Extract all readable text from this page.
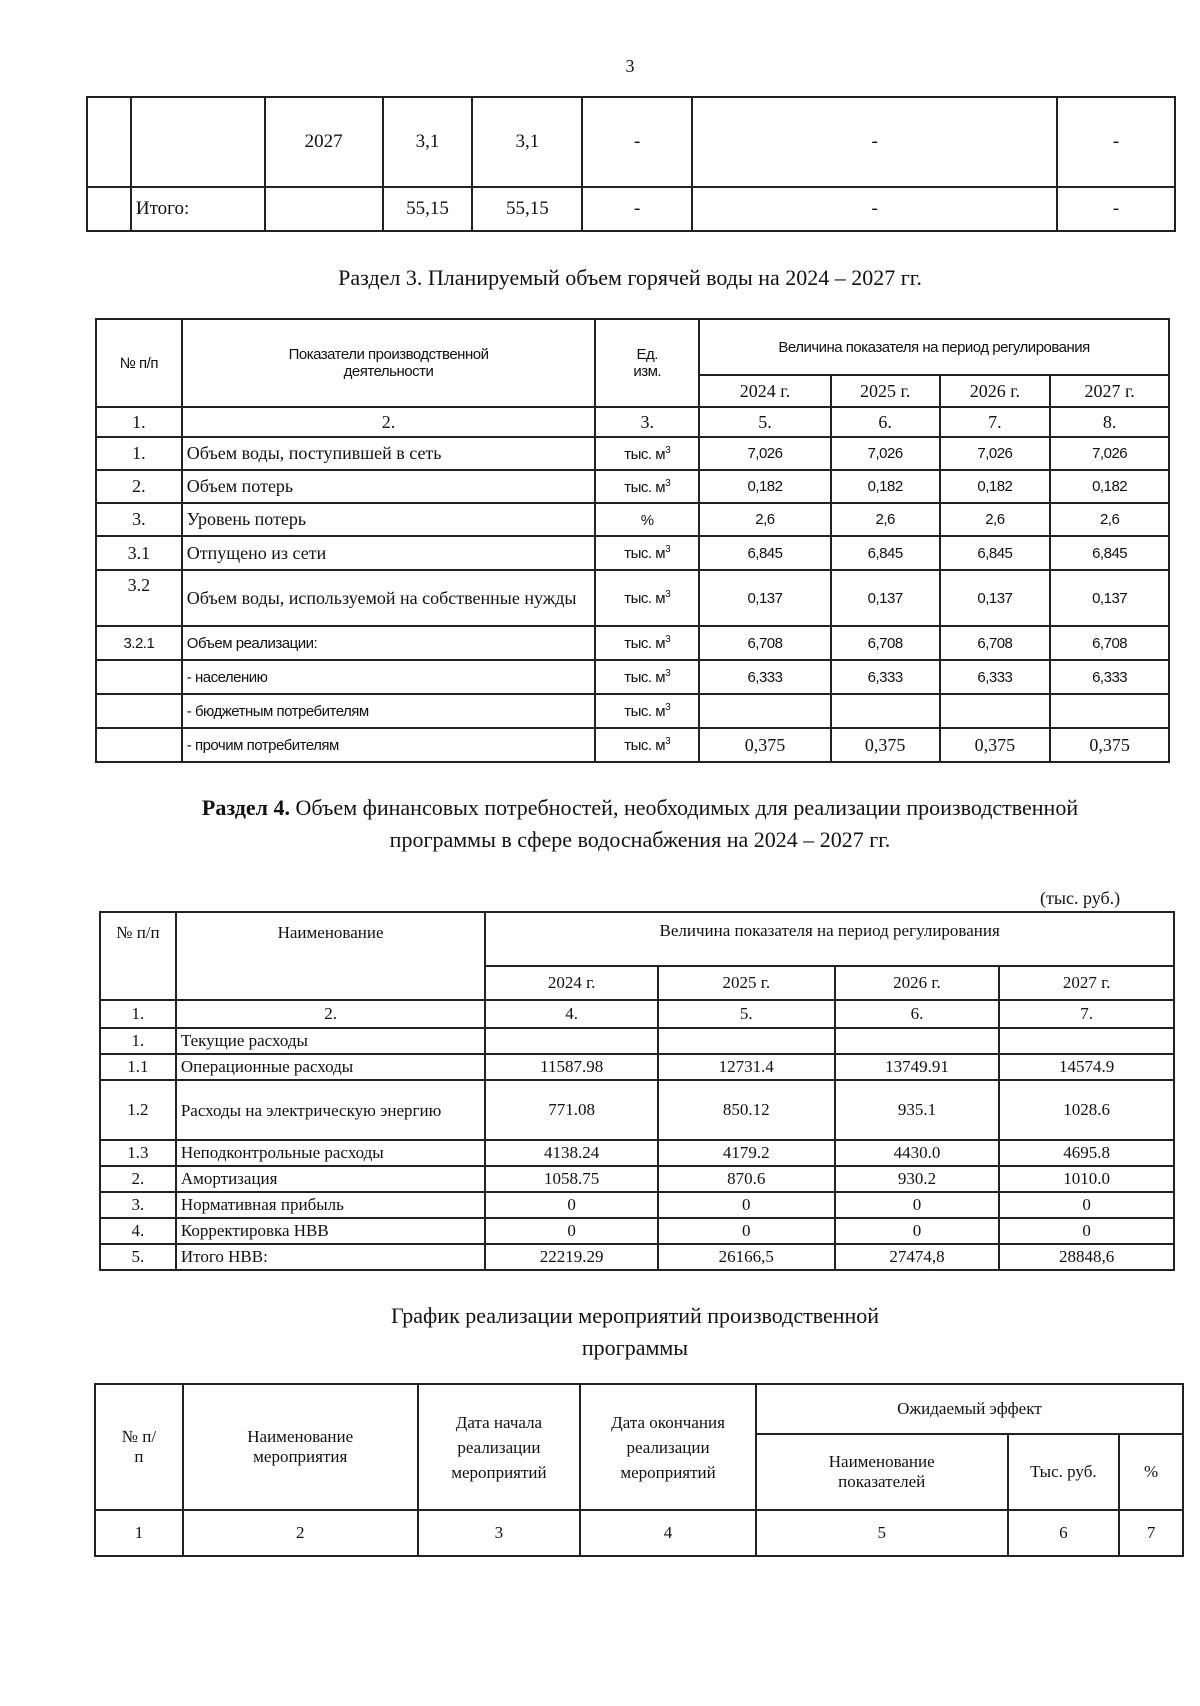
3
		2027	3,1	3,1	-	-	-
	Итого:		55,15	55,15	-	-	-
Раздел 3. Планируемый объем горячей воды на 2024 – 2027 гг.
№ п/п	Показатели производственной деятельности	Ед. изм.	Величина показателя на период регулирования			
			2024 г.	2025 г.	2026 г.	2027 г.
1.	2.	3.	5.	6.	7.	8.
1.	Объем воды, поступившей в сеть	тыс. $м^3$	7,026	7,026	7,026	7,026
2.	Объем потерь	тыс. $м^3$	0,182	0,182	0,182	0,182
3.	Уровень потерь	%	2,6	2,6	2,6	2,6
3.1	Отпущено из сети	тыс. $м^3$	6,845	6,845	6,845	6,845
3.2	Объем воды, используемой на собственные нужды	тыс. $м^3$	0,137	0,137	0,137	0,137
3.2.1	Объем реализации:	тыс. $м^3$	6,708	6,708	6,708	6,708
	- населению	тыс. $м^3$	6,333	6,333	6,333	6,333
	- бюджетным потребителям	тыс. $м^3$				
	- прочим потребителям	тыс. $м^3$	0,375	0,375	0,375	0,375
Раздел 4. Объем финансовых потребностей, необходимых для реализации производственной
программы в сфере водоснабжения на 2024 – 2027 гг.
(тыс. руб.)
№ п/п	Наименование	Величина показателя на период регулирования			
		2024 г.	2025 г.	2026 г.	2027 г.
1.	2.	4.	5.	6.	7.
1.	Текущие расходы				
1.1	Операционные расходы	11587.98	12731.4	13749.91	14574.9
1.2	Расходы на электрическую энергию	771.08	850.12	935.1	1028.6
1.3	Неподконтрольные расходы	4138.24	4179.2	4430.0	4695.8
2.	Амортизация	1058.75	870.6	930.2	1010.0
3.	Нормативная прибыль	0	0	0	0
4.	Корректировка НВВ	0	0	0	0
5.	Итого НВВ:	22219.29	26166,5	27474,8	28848,6
График реализации мероприятий производственной
программы
№ п/п	Наименование мероприятия	Дата начала реализации мероприятий	Дата окончания реализации мероприятий	Ожидаемый эффект		
				Наименование показателей	Тыс. руб.	%
1	2	3	4	5	6	7
